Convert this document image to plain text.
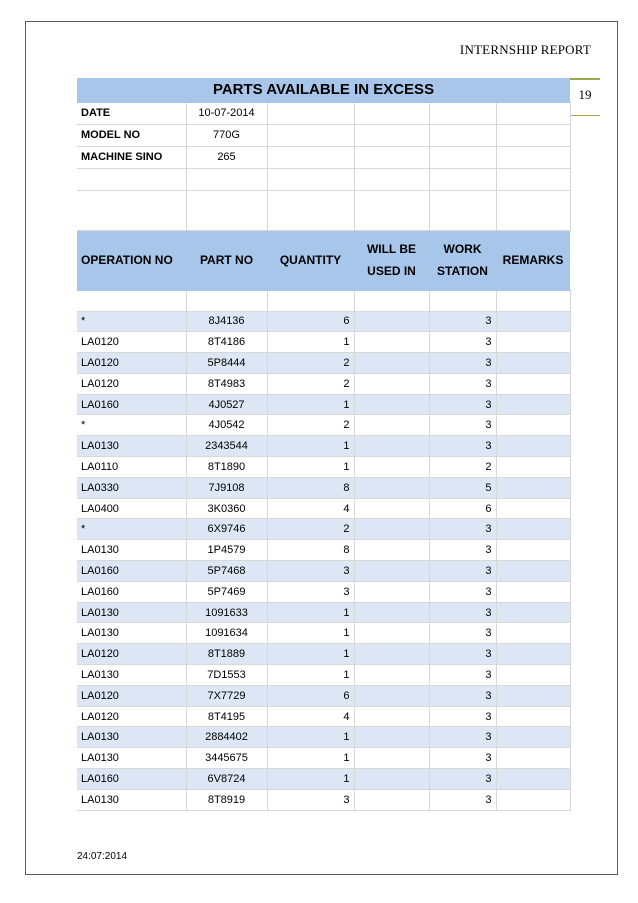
INTERNSHIP REPORT
19
PARTS AVAILABLE IN EXCESS					
DATE	10-07-2014				
MODEL NO	770G				
MACHINE SINO	265				

OPERATION NO	PART NO	QUANTITY	WILL BE USED IN	WORK STATION	REMARKS

*	8J4136	6		3	
LA0120	8T4186	1		3	
LA0120	5P8444	2		3	
LA0120	8T4983	2		3	
LA0160	4J0527	1		3	
*	4J0542	2		3	
LA0130	2343544	1		3	
LA0110	8T1890	1		2	
LA0330	7J9108	8		5	
LA0400	3K0360	4		6	
*	6X9746	2		3	
LA0130	1P4579	8		3	
LA0160	5P7468	3		3	
LA0160	5P7469	3		3	
LA0130	1091633	1		3	
LA0130	1091634	1		3	
LA0120	8T1889	1		3	
LA0130	7D1553	1		3	
LA0120	7X7729	6		3	
LA0120	8T4195	4		3	
LA0130	2884402	1		3	
LA0130	3445675	1		3	
LA0160	6V8724	1		3	
LA0130	8T8919	3		3	
24:07:2014
